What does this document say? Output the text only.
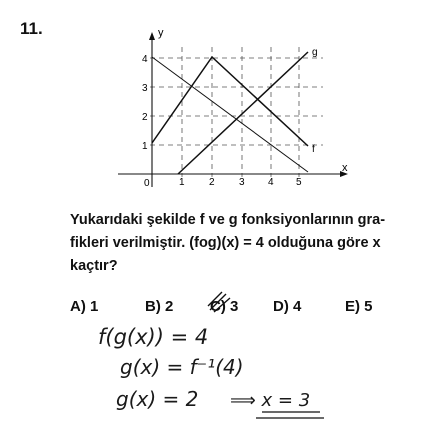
11.	y
x
0
4
3
2
1
1 2 3 4 5
g
f
Yukarıdaki şekilde f ve g fonksiyonlarının gra-
fikleri verilmiştir. (fog)(x) = 4 olduğuna göre x
kaçtır?
A) 1	B) 2 C) 3 D) 4	E) 5
f(g(x)) = 4
g(x) = f⁻¹(4)
g(x) = 2 ⟹ x = 3
